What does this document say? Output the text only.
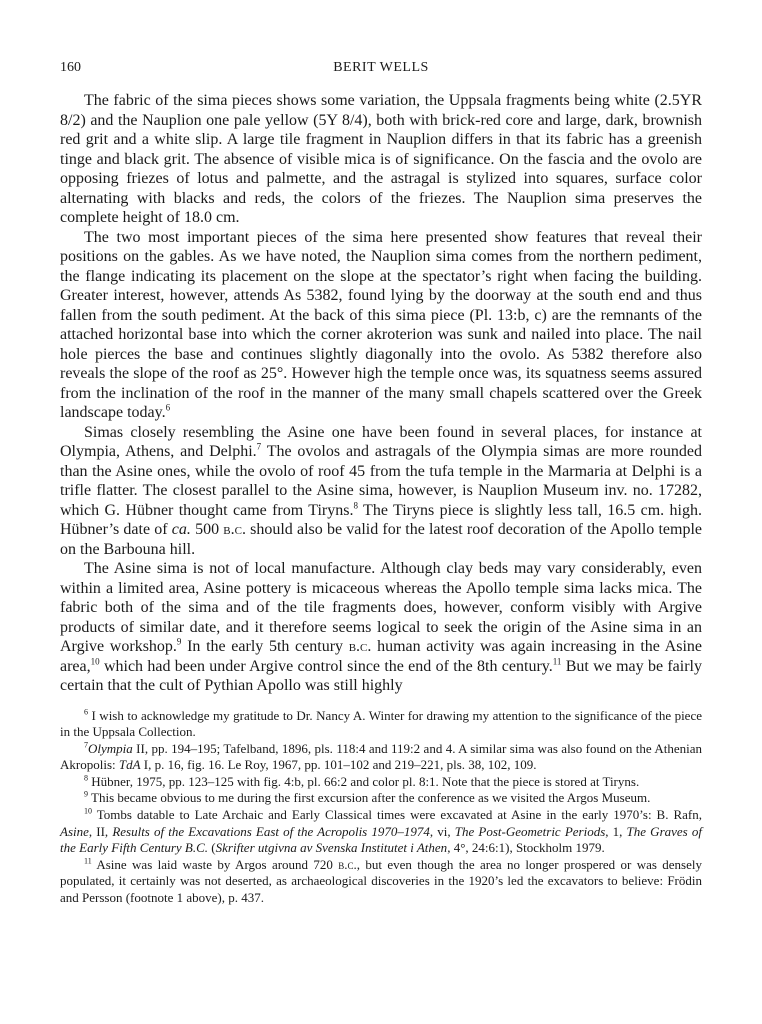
160	BERIT WELLS

The fabric of the sima pieces shows some variation, the Uppsala fragments being white (2.5YR 8/2) and the Nauplion one pale yellow (5Y 8/4), both with brick-red core and large, dark, brownish red grit and a white slip. A large tile fragment in Nauplion differs in that its fabric has a greenish tinge and black grit. The absence of visible mica is of significance. On the fascia and the ovolo are opposing friezes of lotus and palmette, and the astragal is stylized into squares, surface color alternating with blacks and reds, the colors of the friezes. The Nauplion sima preserves the complete height of 18.0 cm.

The two most important pieces of the sima here presented show features that reveal their positions on the gables. As we have noted, the Nauplion sima comes from the northern pediment, the flange indicating its placement on the slope at the spectator’s right when facing the building. Greater interest, however, attends As 5382, found lying by the doorway at the south end and thus fallen from the south pediment. At the back of this sima piece (Pl. 13:b, c) are the remnants of the attached horizontal base into which the corner akroterion was sunk and nailed into place. The nail hole pierces the base and continues slightly diagonally into the ovolo. As 5382 therefore also reveals the slope of the roof as 25°. However high the temple once was, its squatness seems assured from the inclination of the roof in the manner of the many small chapels scattered over the Greek landscape today.$^6$

Simas closely resembling the Asine one have been found in several places, for instance at Olympia, Athens, and Delphi.$^7$ The ovolos and astragals of the Olympia simas are more rounded than the Asine ones, while the ovolo of roof 45 from the tufa temple in the Marmaria at Delphi is a trifle flatter. The closest parallel to the Asine sima, however, is Nauplion Museum inv. no. 17282, which G. Hübner thought came from Tiryns.$^8$ The Tiryns piece is slightly less tall, 16.5 cm. high. Hübner’s date of ca. 500 b.c. should also be valid for the latest roof decoration of the Apollo temple on the Barbouna hill.

The Asine sima is not of local manufacture. Although clay beds may vary considerably, even within a limited area, Asine pottery is micaceous whereas the Apollo temple sima lacks mica. The fabric both of the sima and of the tile fragments does, however, conform visibly with Argive products of similar date, and it therefore seems logical to seek the origin of the Asine sima in an Argive workshop.$^9$ In the early 5th century b.c. human activity was again increasing in the Asine area,$^{10}$ which had been under Argive control since the end of the 8th century.$^{11}$ But we may be fairly certain that the cult of Pythian Apollo was still highly

$^6$ I wish to acknowledge my gratitude to Dr. Nancy A. Winter for drawing my attention to the significance of the piece in the Uppsala Collection.

$^7$Olympia II, pp. 194–195; Tafelband, 1896, pls. 118:4 and 119:2 and 4. A similar sima was also found on the Athenian Akropolis: TdA I, p. 16, fig. 16. Le Roy, 1967, pp. 101–102 and 219–221, pls. 38, 102, 109.

$^8$ Hübner, 1975, pp. 123–125 with fig. 4:b, pl. 66:2 and color pl. 8:1. Note that the piece is stored at Tiryns.

$^9$ This became obvious to me during the first excursion after the conference as we visited the Argos Museum.

$^{10}$ Tombs datable to Late Archaic and Early Classical times were excavated at Asine in the early 1970’s: B. Rafn, Asine, II, Results of the Excavations East of the Acropolis 1970–1974, vi, The Post-Geometric Periods, 1, The Graves of the Early Fifth Century B.C. (Skrifter utgivna av Svenska Institutet i Athen, 4°, 24:6:1), Stockholm 1979.

$^{11}$ Asine was laid waste by Argos around 720 b.c., but even though the area no longer prospered or was densely populated, it certainly was not deserted, as archaeological discoveries in the 1920’s led the excavators to believe: Frödin and Persson (footnote 1 above), p. 437.
